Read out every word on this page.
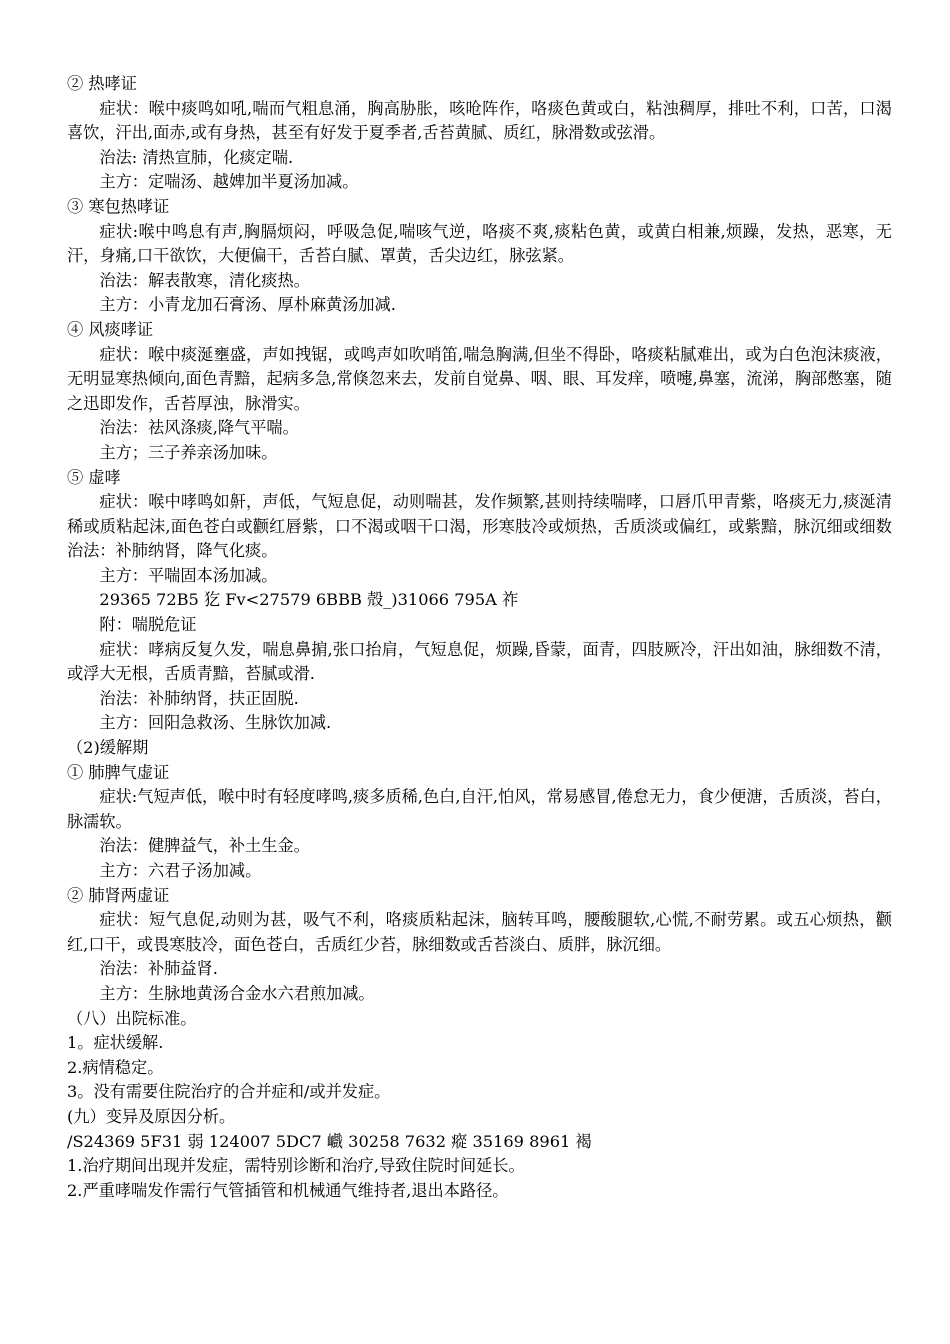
② 热哮证

症状：喉中痰鸣如吼,喘而气粗息涌，胸高胁胀，咳呛阵作，咯痰色黄或白，粘浊稠厚，排吐不利，口苦，口渴喜饮，汗出,面赤,或有身热，甚至有好发于夏季者,舌苔黄腻、质红，脉滑数或弦滑。

治法: 清热宣肺，化痰定喘.

主方：定喘汤、越婢加半夏汤加减。

③ 寒包热哮证

症状:喉中鸣息有声,胸膈烦闷，呼吸急促,喘咳气逆，咯痰不爽,痰粘色黄，或黄白相兼,烦躁，发热，恶寒，无汗，身痛,口干欲饮，大便偏干，舌苔白腻、罩黄，舌尖边红，脉弦紧。

治法：解表散寒，清化痰热。

主方：小青龙加石膏汤、厚朴麻黄汤加减.

④ 风痰哮证

症状：喉中痰涎壅盛，声如拽锯，或鸣声如吹哨笛,喘急胸满,但坐不得卧，咯痰粘腻难出，或为白色泡沫痰液，无明显寒热倾向,面色青黯，起病多急,常倏忽来去，发前自觉鼻、咽、眼、耳发痒，喷嚏,鼻塞，流涕，胸部憋塞，随之迅即发作，舌苔厚浊，脉滑实。

治法：祛风涤痰,降气平喘。

主方；三子养亲汤加味。

⑤ 虚哮

症状：喉中哮鸣如鼾，声低，气短息促，动则喘甚，发作频繁,甚则持续喘哮，口唇爪甲青紫，咯痰无力,痰涎清稀或质粘起沫,面色苍白或颧红唇紫，口不渴或咽干口渴，形寒肢冷或烦热，舌质淡或偏红，或紫黯，脉沉细或细数治法：补肺纳肾，降气化痰。

主方：平喘固本汤加减。

29365 72B5 犵 Fv<27579 6BBB 殻_)31066 795A 祚

附：喘脱危证

症状：哮病反复久发，喘息鼻掮,张口抬肩，气短息促，烦躁,昏蒙，面青，四肢厥冷，汗出如油，脉细数不清，或浮大无根，舌质青黯，苔腻或滑.

治法：补肺纳肾，扶正固脱.

主方：回阳急救汤、生脉饮加减.

（2)缓解期

① 肺脾气虚证

症状:气短声低，喉中时有轻度哮鸣,痰多质稀,色白,自汗,怕风，常易感冒,倦怠无力，食少便溏，舌质淡，苔白，脉濡软。

治法：健脾益气，补土生金。

主方：六君子汤加减。

② 肺肾两虚证

症状：短气息促,动则为甚，吸气不利，咯痰质粘起沫，脑转耳鸣，腰酸腿软,心慌,不耐劳累。或五心烦热，颧红,口干，或畏寒肢冷，面色苍白，舌质红少苔，脉细数或舌苔淡白、质胖，脉沉细。

治法：补肺益肾.

主方：生脉地黄汤合金水六君煎加减。

（八）出院标准。

1。症状缓解.

2.病情稳定。

3。没有需要住院治疗的合并症和/或并发症。

(九）变异及原因分析。

/S24369 5F31 弱 124007 5DC7 巇 30258 7632 瘲 35169 8961 褐

1.治疗期间出现并发症，需特别诊断和治疗,导致住院时间延长。

2.严重哮喘发作需行气管插管和机械通气维持者,退出本路径。
